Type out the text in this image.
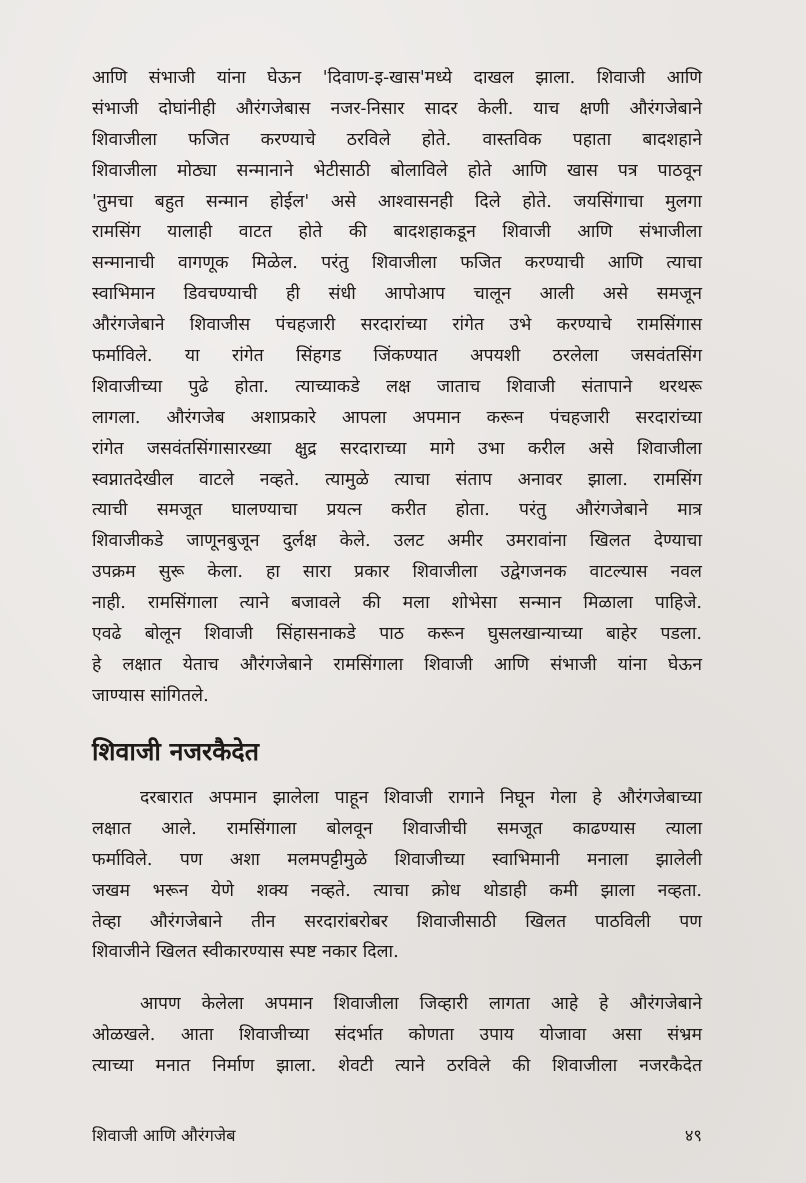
आणि संभाजी यांना घेऊन 'दिवाण-इ-खास'मध्ये दाखल झाला. शिवाजी आणि
संभाजी दोघांनीही औरंगजेबास नजर-निसार सादर केली. याच क्षणी औरंगजेबाने
शिवाजीला फजित करण्याचे ठरविले होते. वास्तविक पहाता बादशहाने
शिवाजीला मोठ्या सन्मानाने भेटीसाठी बोलाविले होते आणि खास पत्र पाठवून
'तुमचा बहुत सन्मान होईल' असे आश्वासनही दिले होते. जयसिंगाचा मुलगा
रामसिंग यालाही वाटत होते की बादशहाकडून शिवाजी आणि संभाजीला
सन्मानाची वागणूक मिळेल. परंतु शिवाजीला फजित करण्याची आणि त्याचा
स्वाभिमान डिवचण्याची ही संधी आपोआप चालून आली असे समजून
औरंगजेबाने शिवाजीस पंचहजारी सरदारांच्या रांगेत उभे करण्याचे रामसिंगास
फर्माविले. या रांगेत सिंहगड जिंकण्यात अपयशी ठरलेला जसवंतसिंग
शिवाजीच्या पुढे होता. त्याच्याकडे लक्ष जाताच शिवाजी संतापाने थरथरू
लागला. औरंगजेब अशाप्रकारे आपला अपमान करून पंचहजारी सरदारांच्या
रांगेत जसवंतसिंगासारख्या क्षुद्र सरदाराच्या मागे उभा करील असे शिवाजीला
स्वप्नातदेखील वाटले नव्हते. त्यामुळे त्याचा संताप अनावर झाला. रामसिंग
त्याची समजूत घालण्याचा प्रयत्न करीत होता. परंतु औरंगजेबाने मात्र
शिवाजीकडे जाणूनबुजून दुर्लक्ष केले. उलट अमीर उमरावांना खिलत देण्याचा
उपक्रम सुरू केला. हा सारा प्रकार शिवाजीला उद्वेगजनक वाटल्यास नवल
नाही. रामसिंगाला त्याने बजावले की मला शोभेसा सन्मान मिळाला पाहिजे.
एवढे बोलून शिवाजी सिंहासनाकडे पाठ करून घुसलखान्याच्या बाहेर पडला.
हे लक्षात येताच औरंगजेबाने रामसिंगाला शिवाजी आणि संभाजी यांना घेऊन
जाण्यास सांगितले.
शिवाजी नजरकैदेत
दरबारात अपमान झालेला पाहून शिवाजी रागाने निघून गेला हे औरंगजेबाच्या
लक्षात आले. रामसिंगाला बोलवून शिवाजीची समजूत काढण्यास त्याला
फर्माविले. पण अशा मलमपट्टीमुळे शिवाजीच्या स्वाभिमानी मनाला झालेली
जखम भरून येणे शक्य नव्हते. त्याचा क्रोध थोडाही कमी झाला नव्हता.
तेव्हा औरंगजेबाने तीन सरदारांबरोबर शिवाजीसाठी खिलत पाठविली पण
शिवाजीने खिलत स्वीकारण्यास स्पष्ट नकार दिला.
आपण केलेला अपमान शिवाजीला जिव्हारी लागता आहे हे औरंगजेबाने
ओळखले. आता शिवाजीच्या संदर्भात कोणता उपाय योजावा असा संभ्रम
त्याच्या मनात निर्माण झाला. शेवटी त्याने ठरविले की शिवाजीला नजरकैदेत
शिवाजी आणि औरंगजेब	४९
